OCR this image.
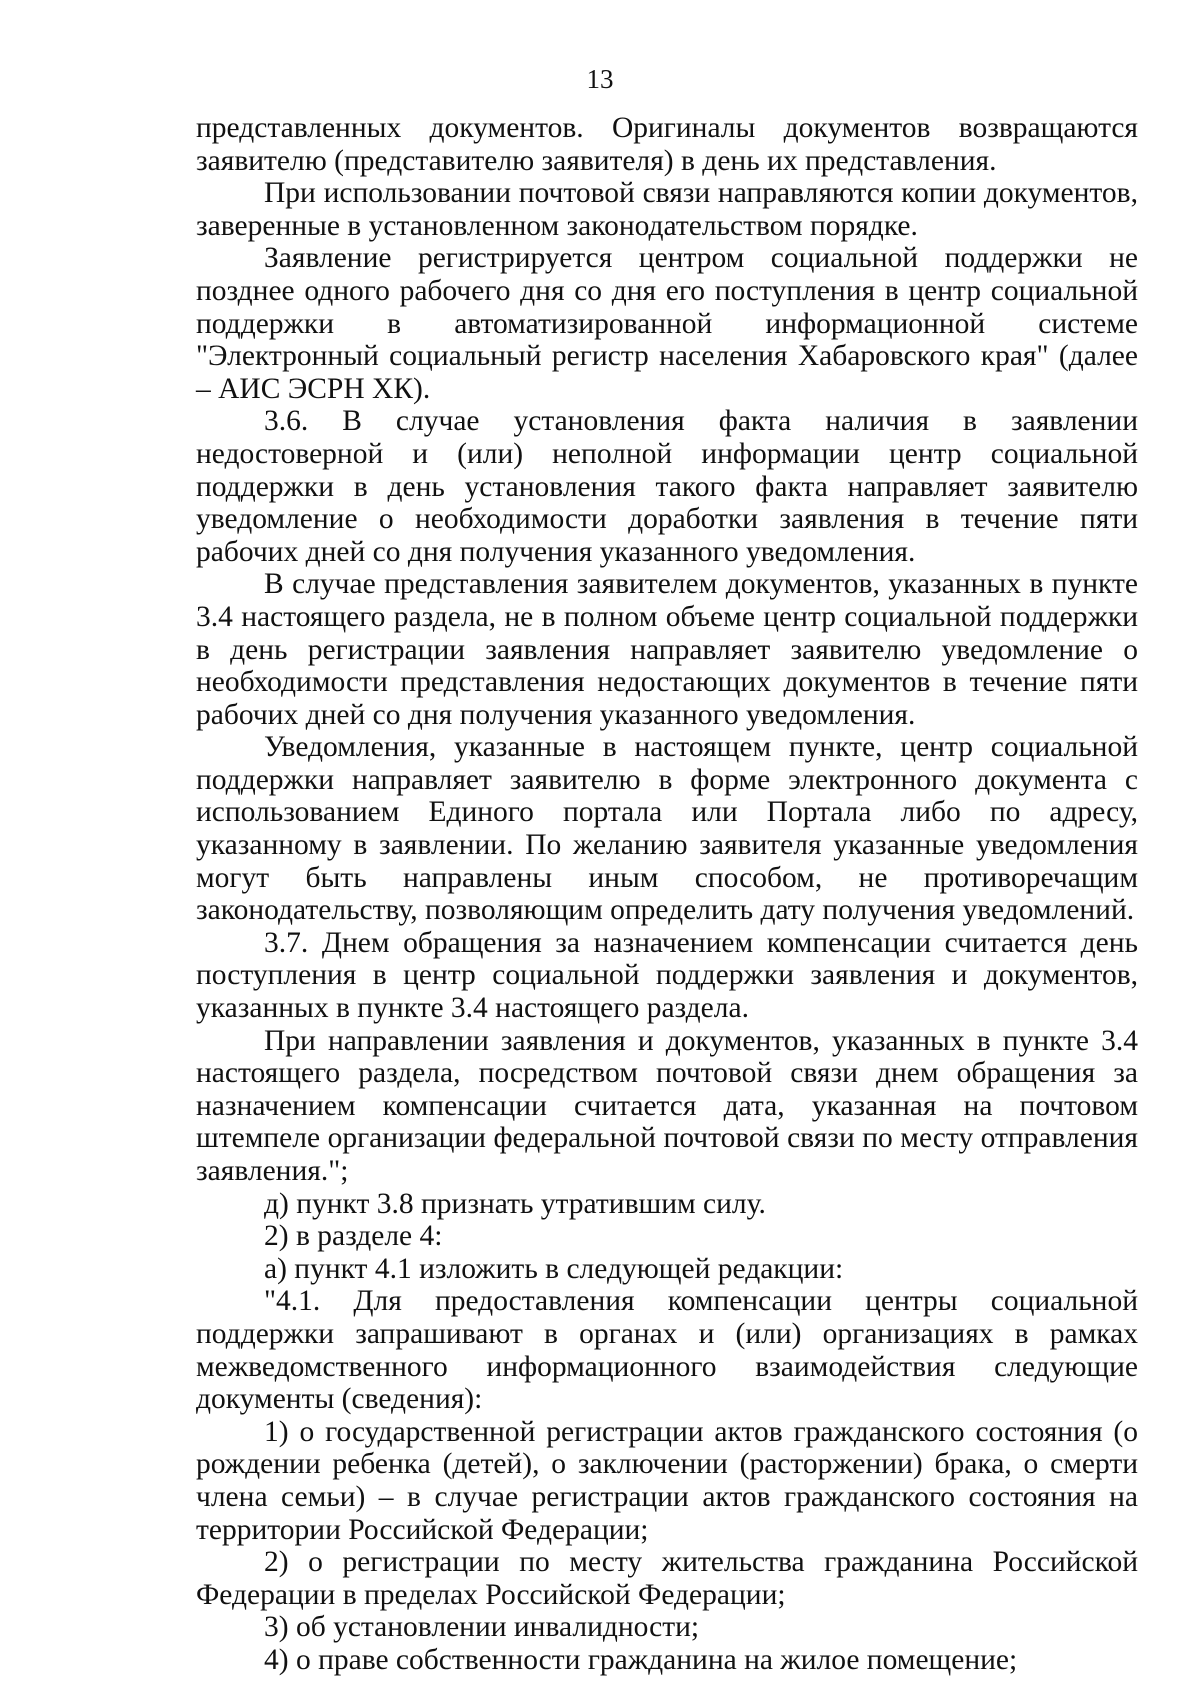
13

представленных документов. Оригиналы документов возвращаются заявителю (представителю заявителя) в день их представления.

При использовании почтовой связи направляются копии документов, заверенные в установленном законодательством порядке.

Заявление регистрируется центром социальной поддержки не позднее одного рабочего дня со дня его поступления в центр социальной поддержки в автоматизированной информационной системе "Электронный социальный регистр населения Хабаровского края" (далее – АИС ЭСРН ХК).

3.6. В случае установления факта наличия в заявлении недостоверной и (или) неполной информации центр социальной поддержки в день установления такого факта направляет заявителю уведомление о необходимости доработки заявления в течение пяти рабочих дней со дня получения указанного уведомления.

В случае представления заявителем документов, указанных в пункте 3.4 настоящего раздела, не в полном объеме центр социальной поддержки в день регистрации заявления направляет заявителю уведомление о необходимости представления недостающих документов в течение пяти рабочих дней со дня получения указанного уведомления.

Уведомления, указанные в настоящем пункте, центр социальной поддержки направляет заявителю в форме электронного документа с использованием Единого портала или Портала либо по адресу, указанному в заявлении. По желанию заявителя указанные уведомления могут быть направлены иным способом, не противоречащим законодательству, позволяющим определить дату получения уведомлений.

3.7. Днем обращения за назначением компенсации считается день поступления в центр социальной поддержки заявления и документов, указанных в пункте 3.4 настоящего раздела.

При направлении заявления и документов, указанных в пункте 3.4 настоящего раздела, посредством почтовой связи днем обращения за назначением компенсации считается дата, указанная на почтовом штемпеле организации федеральной почтовой связи по месту отправления заявления.";

д) пункт 3.8 признать утратившим силу.

2) в разделе 4:

а) пункт 4.1 изложить в следующей редакции:

"4.1. Для предоставления компенсации центры социальной поддержки запрашивают в органах и (или) организациях в рамках межведомственного информационного взаимодействия следующие документы (сведения):

1) о государственной регистрации актов гражданского состояния (о рождении ребенка (детей), о заключении (расторжении) брака, о смерти члена семьи) – в случае регистрации актов гражданского состояния на территории Российской Федерации;

2) о регистрации по месту жительства гражданина Российской Федерации в пределах Российской Федерации;

3) об установлении инвалидности;

4) о праве собственности гражданина на жилое помещение;
